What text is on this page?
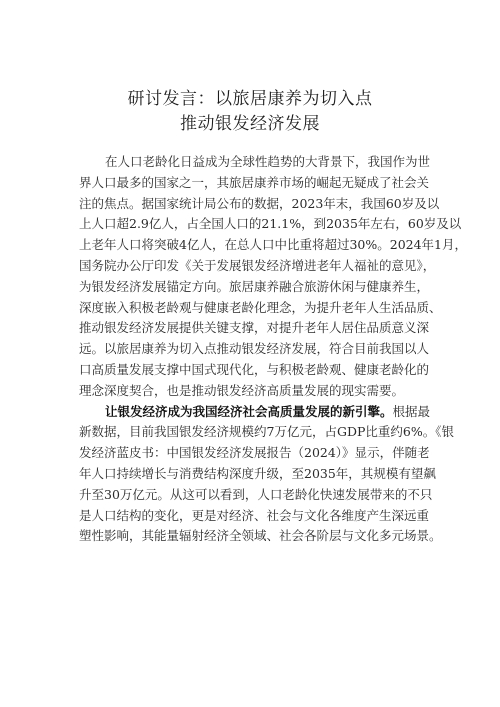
研讨发言：以旅居康养为切入点
推动银发经济发展
在人口老龄化日益成为全球性趋势的大背景下，我国作为世
界人口最多的国家之一，其旅居康养市场的崛起无疑成了社会关
注的焦点。据国家统计局公布的数据，2023年末，我国60岁及以
上人口超2.9亿人，占全国人口的21.1%，到2035年左右，60岁及以
上老年人口将突破4亿人，在总人口中比重将超过30%。2024年1月，
国务院办公厅印发《关于发展银发经济增进老年人福祉的意见》，
为银发经济发展锚定方向。旅居康养融合旅游休闲与健康养生，
深度嵌入积极老龄观与健康老龄化理念，为提升老年人生活品质、
推动银发经济发展提供关键支撑，对提升老年人居住品质意义深
远。以旅居康养为切入点推动银发经济发展，符合目前我国以人
口高质量发展支撑中国式现代化，与积极老龄观、健康老龄化的
理念深度契合，也是推动银发经济高质量发展的现实需要。
让银发经济成为我国经济社会高质量发展的新引擎。根据最
新数据，目前我国银发经济规模约7万亿元，占GDP比重约6%。《银
发经济蓝皮书：中国银发经济发展报告（2024）》显示，伴随老
年人口持续增长与消费结构深度升级，至2035年，其规模有望飙
升至30万亿元。从这可以看到，人口老龄化快速发展带来的不只
是人口结构的变化，更是对经济、社会与文化各维度产生深远重
塑性影响，其能量辐射经济全领域、社会各阶层与文化多元场景。
